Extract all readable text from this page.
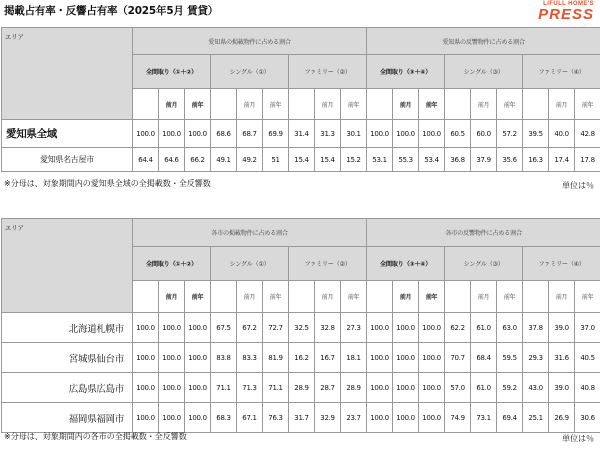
掲載占有率・反響占有率（2025年5月 賃貸）
LIFULL HOME'S
PRESS
エリア	愛知県の掲載物件に占める割合									愛知県の反響物件に占める割合								
	全間取り（①＋②）			シングル（①）			ファミリー（②）			全間取り（③＋④）			シングル（③）			ファミリー（④）		
		前月	前年		前月	前年		前月	前年		前月	前年		前月	前年		前月	前年
愛知県全域	100.0	100.0	100.0	68.6	68.7	69.9	31.4	31.3	30.1	100.0	100.0	100.0	60.5	60.0	57.2	39.5	40.0	42.8
愛知県名古屋市	64.4	64.6	66.2	49.1	49.2	51	15.4	15.4	15.2	53.1	55.3	53.4	36.8	37.9	35.6	16.3	17.4	17.8
※分母は、対象期間内の愛知県全域の全掲載数・全反響数	単位は％
エリア	各市の掲載物件に占める割合									各市の反響物件に占める割合								
	全間取り（①＋②）			シングル（①）			ファミリー（②）			全間取り（③＋④）			シングル（③）			ファミリー（④）		
		前月	前年		前月	前年		前月	前年		前月	前年		前月	前年		前月	前年
北海道札幌市	100.0	100.0	100.0	67.5	67.2	72.7	32.5	32.8	27.3	100.0	100.0	100.0	62.2	61.0	63.0	37.8	39.0	37.0
宮城県仙台市	100.0	100.0	100.0	83.8	83.3	81.9	16.2	16.7	18.1	100.0	100.0	100.0	70.7	68.4	59.5	29.3	31.6	40.5
広島県広島市	100.0	100.0	100.0	71.1	71.3	71.1	28.9	28.7	28.9	100.0	100.0	100.0	57.0	61.0	59.2	43.0	39.0	40.8
福岡県福岡市	100.0	100.0	100.0	68.3	67.1	76.3	31.7	32.9	23.7	100.0	100.0	100.0	74.9	73.1	69.4	25.1	26.9	30.6
※分母は、対象期間内の各市の全掲載数・全反響数	単位は％
